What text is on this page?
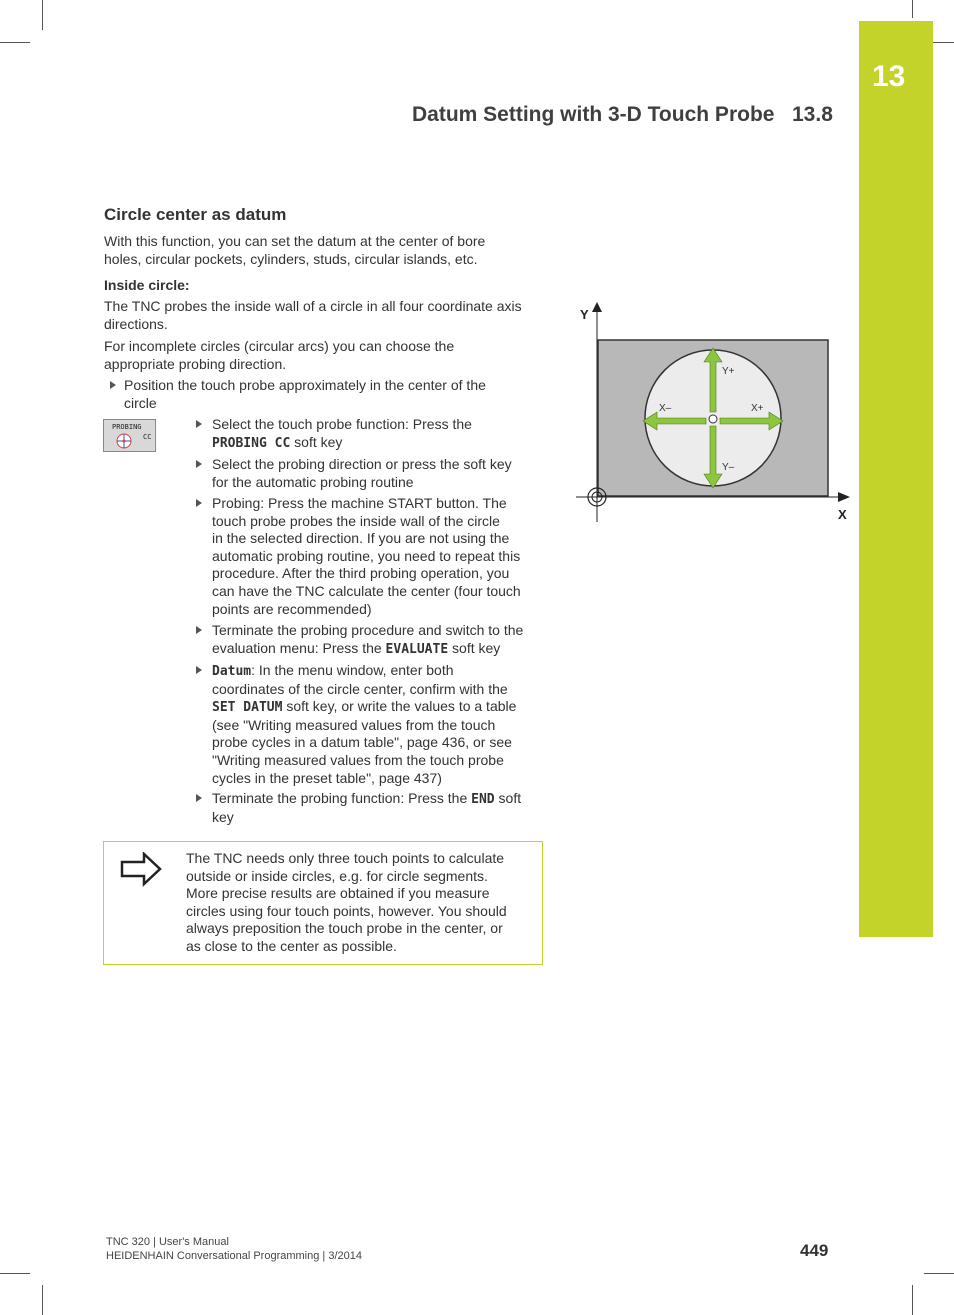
13
Datum Setting with 3-D Touch Probe 13.8
Circle center as datum
With this function, you can set the datum at the center of bore
holes, circular pockets, cylinders, studs, circular islands, etc.
Inside circle:
The TNC probes the inside wall of a circle in all four coordinate axis
directions.
For incomplete circles (circular arcs) you can choose the
appropriate probing direction.
Position the touch probe approximately in the center of the
circle
PROBING
CC
Select the touch probe function: Press the
PROBING CC soft key
Select the probing direction or press the soft key
for the automatic probing routine
Probing: Press the machine START button. The
touch probe probes the inside wall of the circle
in the selected direction. If you are not using the
automatic probing routine, you need to repeat this
procedure. After the third probing operation, you
can have the TNC calculate the center (four touch
points are recommended)
Terminate the probing procedure and switch to the
evaluation menu: Press the EVALUATE soft key
Datum: In the menu window, enter both
coordinates of the circle center, confirm with the
SET DATUM soft key, or write the values to a table
(see "Writing measured values from the touch
probe cycles in a datum table", page 436, or see
"Writing measured values from the touch probe
cycles in the preset table", page 437)
Terminate the probing function: Press the END soft
key
Y
X
Y+
Y–
X+
X–
The TNC needs only three touch points to calculate
outside or inside circles, e.g. for circle segments.
More precise results are obtained if you measure
circles using four touch points, however. You should
always preposition the touch probe in the center, or
as close to the center as possible.
TNC 320 | User's Manual
HEIDENHAIN Conversational Programming | 3/2014	449
